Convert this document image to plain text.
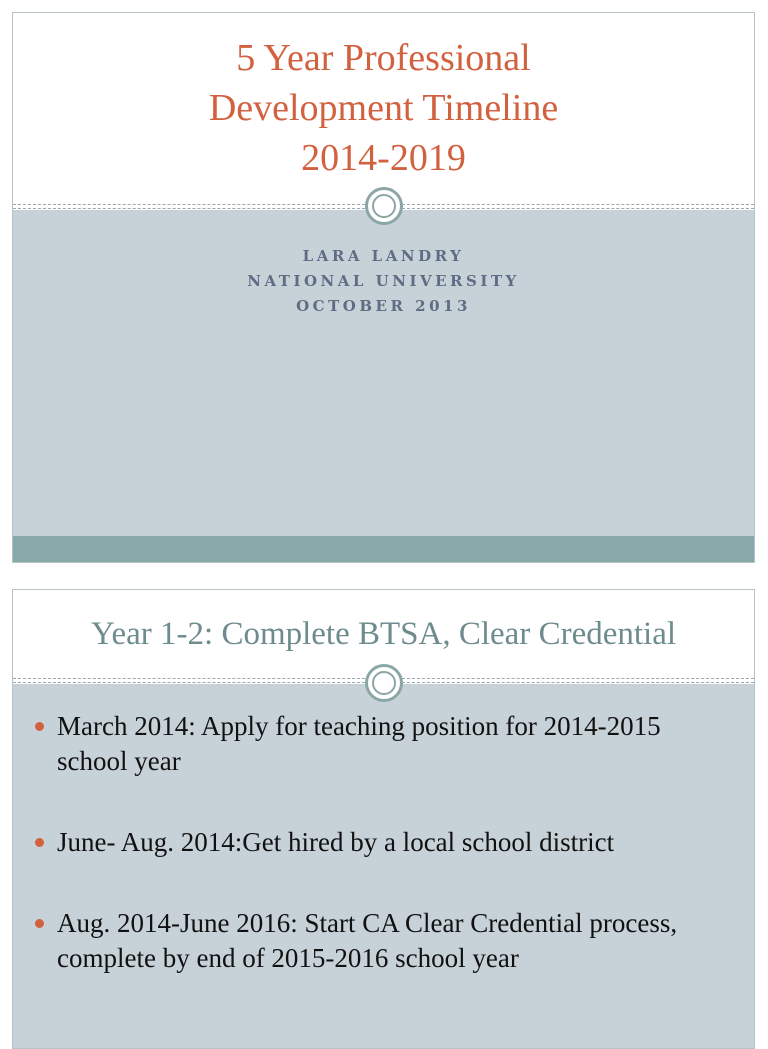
5 Year Professional
Development Timeline
2014-2019
LARA LANDRY
NATIONAL UNIVERSITY
OCTOBER 2013
Year 1-2: Complete BTSA, Clear Credential
March 2014: Apply for teaching position for 2014-2015 school year
June- Aug. 2014:Get hired by a local school district
Aug. 2014-June 2016: Start CA Clear Credential process, complete by end of 2015-2016 school year
